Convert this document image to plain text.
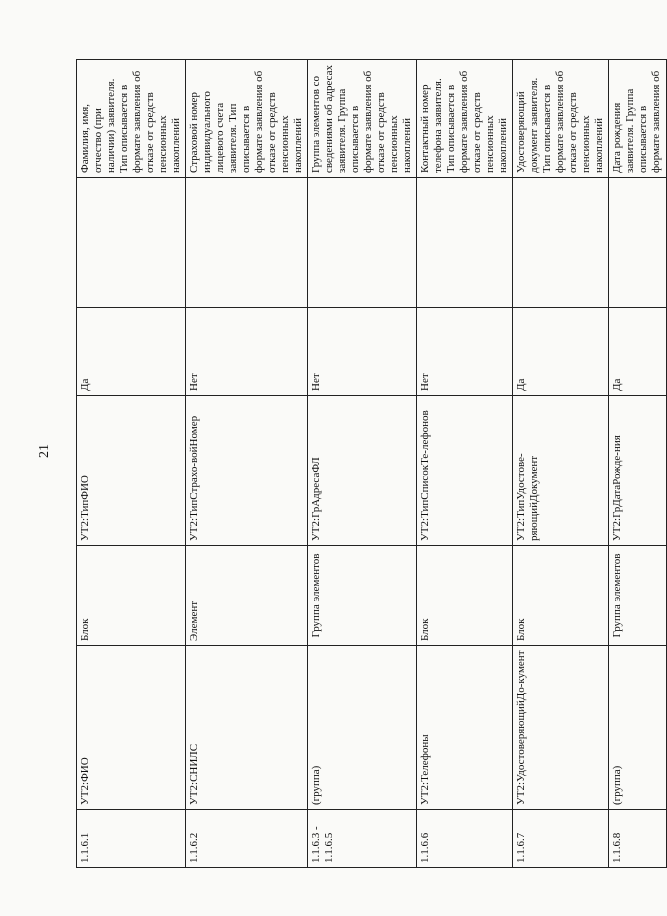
21
1.1.6.1	УТ2:ФИО	Блок	УТ2:ТипФИО	Да		Фамилия, имя, отчество (при наличии) заявителя. Тип описывается в формате заявления об отказе от средств пенсионных накоплений
1.1.6.2	УТ2:СНИЛС	Элемент	УТ2:ТипСтрахо-войНомер	Нет		Страховой номер индивидуального лицевого счета заявителя. Тип описывается в формате заявления об отказе от средств пенсионных накоплений
1.1.6.3 - 1.1.6.5	(группа)	Группа элементов	УТ2:ГрАдресаФЛ	Нет		Группа элементов со сведениями об адресах заявителя. Группа описывается в формате заявления об отказе от средств пенсионных накоплений
1.1.6.6	УТ2:Телефоны	Блок	УТ2:ТипСписокТе-лефонов	Нет		Контактный номер телефона заявителя. Тип описывается в формате заявления об отказе от средств пенсионных накоплений
1.1.6.7	УТ2:УдостоверяющийДо-кумент	Блок	УТ2:ТипУдостове-ряющийДокумент	Да		Удостоверяющий документ заявителя. Тип описывается в формате заявления об отказе от средств пенсионных накоплений
1.1.6.8	(группа)	Группа элементов	УТ2:ГрДатаРожде-ния	Да		Дата рождения заявителя. Группа описывается в формате заявления об
